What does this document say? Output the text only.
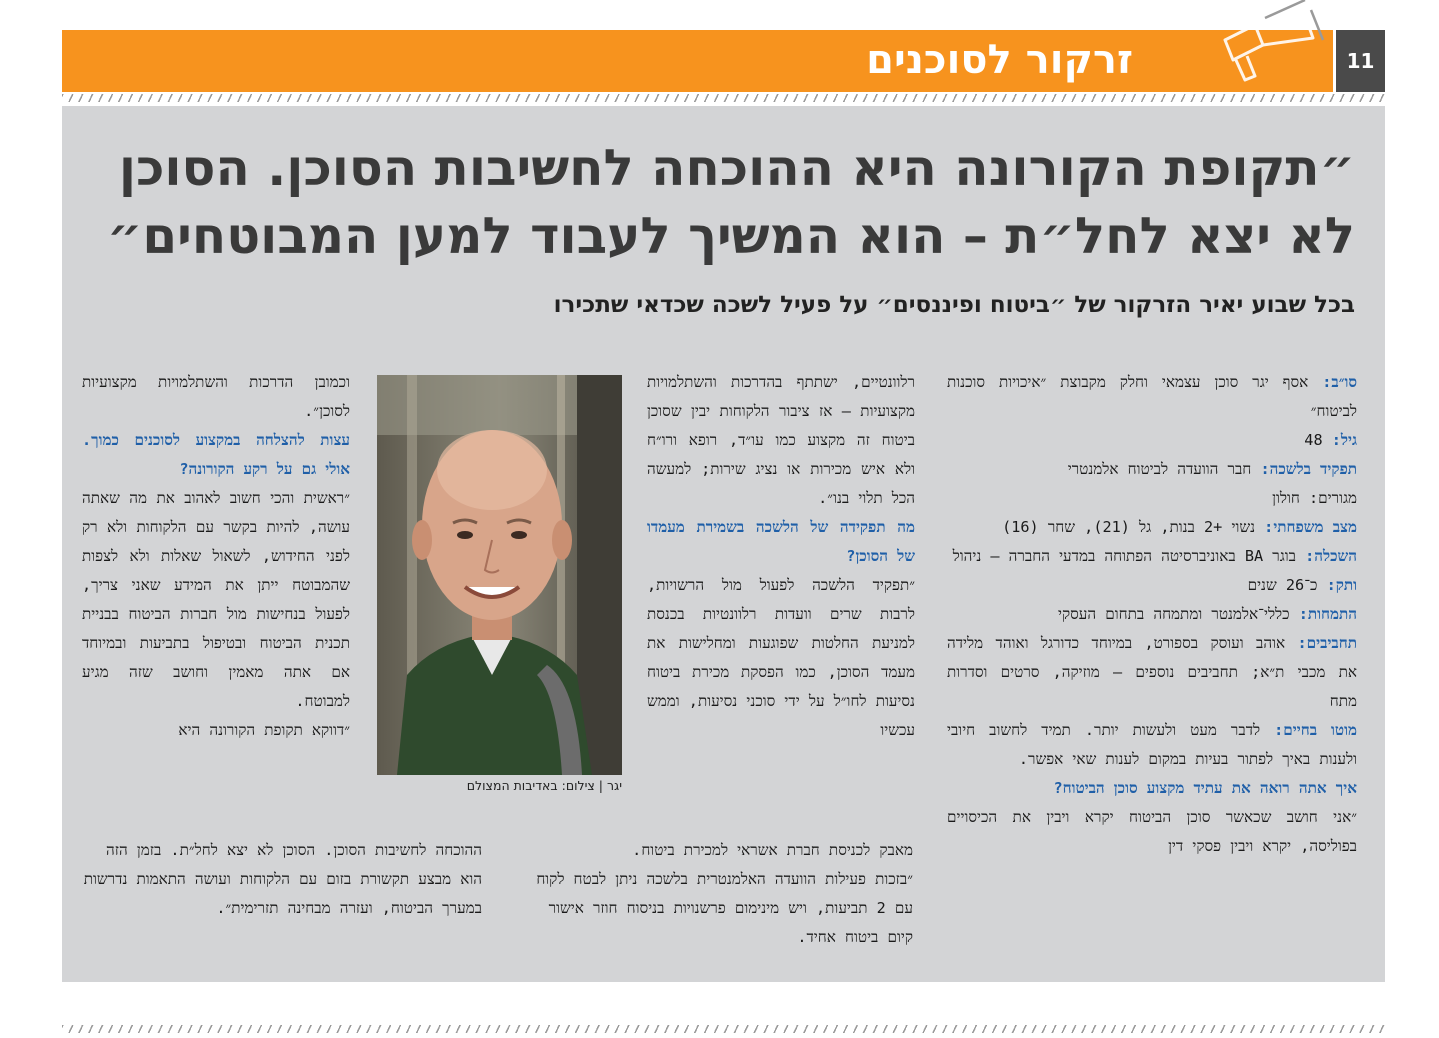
זרקור לסוכנים	11
״תקופת הקורונה היא ההוכחה לחשיבות הסוכן. הסוכן
לא יצא לחל״ת – הוא המשיך לעבוד למען המבוטחים״
בכל שבוע יאיר הזרקור של ״ביטוח ופיננסים״ על פעיל לשכה שכדאי שתכירו

סו״ב: אסף יגר סוכן עצמאי וחלק מקבוצת ״איכויות סוכנות לביטוח״

גיל: 48

תפקיד בלשכה: חבר הוועדה לביטוח אלמנטרי

מגורים: חולון

מצב משפחתי: נשוי +2 בנות, גל (21), שחר (16)

השכלה: בוגר BA באוניברסיטה הפתוחה במדעי החברה – ניהול

ותק: כ־26 שנים

התמחות: כללי־אלמנטר ומתמחה בתחום העסקי

תחביבים: אוהב ועוסק בספורט, במיוחד כדורגל ואוהד מלידה את מכבי ת״א; תחביבים נוספים – מוזיקה, סרטים וסדרות מתח

מוטו בחיים: לדבר מעט ולעשות יותר. תמיד לחשוב חיובי ולענות באיך לפתור בעיות במקום לענות שאי אפשר.

איך אתה רואה את עתיד מקצוע סוכן הביטוח?

״אני חושב שכאשר סוכן הביטוח יקרא ויבין את הכיסויים בפוליסה, יקרא ויבין פסקי דין

רלוונטיים, ישתתף בהדרכות והשתלמויות מקצועיות – אז ציבור הלקוחות יבין שסוכן ביטוח זה מקצוע כמו עו״ד, רופא ורו״ח ולא איש מכירות או נציג שירות; למעשה הכל תלוי בנו״.

מה תפקידה של הלשכה בשמירת מעמדו של הסוכן?

״תפקיד הלשכה לפעול מול הרשויות, לרבות שרים וועדות רלוונטיות בכנסת למניעת החלטות שפוגעות ומחלישות את מעמד הסוכן, כמו הפסקת מכירת ביטוח נסיעות לחו״ל על ידי סוכני נסיעות, וממש עכשיו

וכמובן הדרכות והשתלמויות מקצועיות לסוכן״.

עצות להצלחה במקצוע לסוכנים כמוך. אולי גם על רקע הקורונה?

״ראשית והכי חשוב לאהוב את מה שאתה עושה, להיות בקשר עם הלקוחות ולא רק לפני החידוש, לשאול שאלות ולא לצפות שהמבוטח ייתן את המידע שאני צריך, לפעול בנחישות מול חברות הביטוח בבניית תכנית הביטוח ובטיפול בתביעות ובמיוחד אם אתה מאמין וחושב שזה מגיע למבוטח.

״דווקא תקופת הקורונה היא

מאבק לכניסת חברת אשראי למכירת ביטוח.

״בזכות פעילות הוועדה האלמנטרית בלשכה ניתן לבטח לקוח עם 2 תביעות, ויש מינימום פרשנויות בניסוח חוזר אישור קיום ביטוח אחיד.

ההוכחה לחשיבות הסוכן. הסוכן לא יצא לחל״ת. בזמן הזה הוא מבצע תקשורת בזום עם הלקוחות ועושה התאמות נדרשות במערך הביטוח, ועזרה מבחינה תזרימית״.

יגר | צילום: באדיבות המצולם
